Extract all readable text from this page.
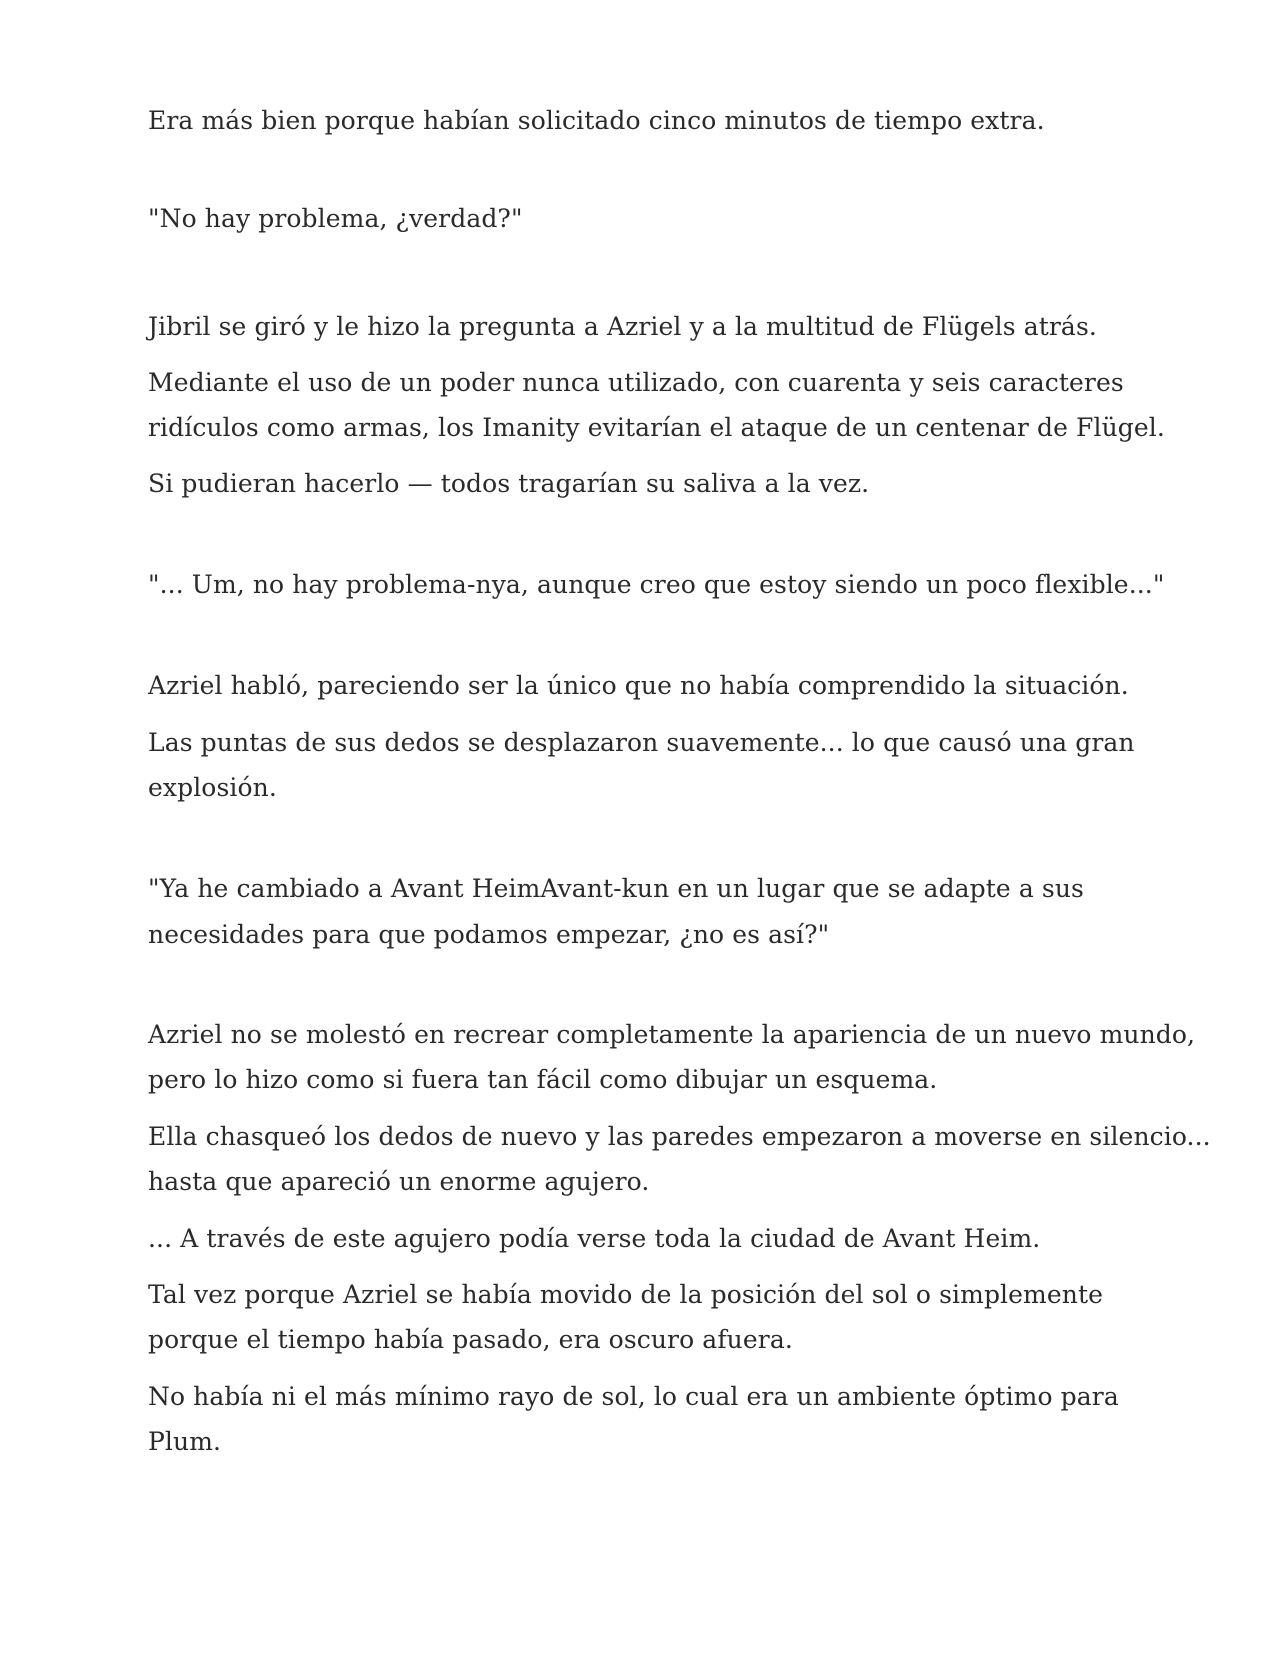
Era más bien porque habían solicitado cinco minutos de tiempo extra.

"No hay problema, ¿verdad?"

Jibril se giró y le hizo la pregunta a Azriel y a la multitud de Flügels atrás.

Mediante el uso de un poder nunca utilizado, con cuarenta y seis caracteres

ridículos como armas, los Imanity evitarían el ataque de un centenar de Flügel.

Si pudieran hacerlo — todos tragarían su saliva a la vez.

"... Um, no hay problema-nya, aunque creo que estoy siendo un poco flexible..."

Azriel habló, pareciendo ser la único que no había comprendido la situación.

Las puntas de sus dedos se desplazaron suavemente... lo que causó una gran

explosión.

"Ya he cambiado a Avant HeimAvant-kun en un lugar que se adapte a sus

necesidades para que podamos empezar, ¿no es así?"

Azriel no se molestó en recrear completamente la apariencia de un nuevo mundo,

pero lo hizo como si fuera tan fácil como dibujar un esquema.

Ella chasqueó los dedos de nuevo y las paredes empezaron a moverse en silencio...

hasta que apareció un enorme agujero.

... A través de este agujero podía verse toda la ciudad de Avant Heim.

Tal vez porque Azriel se había movido de la posición del sol o simplemente

porque el tiempo había pasado, era oscuro afuera.

No había ni el más mínimo rayo de sol, lo cual era un ambiente óptimo para

Plum.
